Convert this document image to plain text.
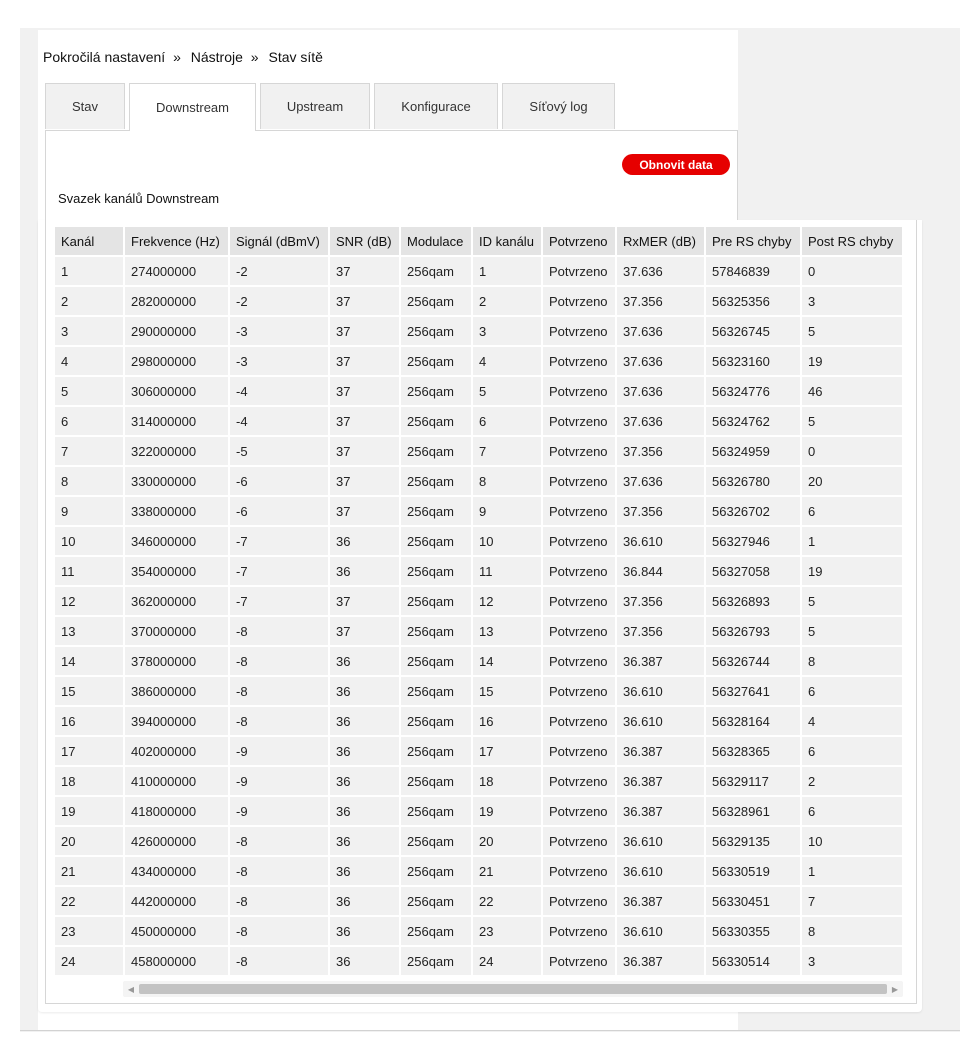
Pokročilá nastavení » Nástroje » Stav sítě
Stav	Downstream	Upstream	Konfigurace	Síťový log
Obnovit data
Svazek kanálů Downstream
Kanál	Frekvence (Hz)	Signál (dBmV)	SNR (dB)	Modulace	ID kanálu	Potvrzeno	RxMER (dB)	Pre RS chyby	Post RS chyby
1	274000000	-2	37	256qam	1	Potvrzeno	37.636	57846839	0
2	282000000	-2	37	256qam	2	Potvrzeno	37.356	56325356	3
3	290000000	-3	37	256qam	3	Potvrzeno	37.636	56326745	5
4	298000000	-3	37	256qam	4	Potvrzeno	37.636	56323160	19
5	306000000	-4	37	256qam	5	Potvrzeno	37.636	56324776	46
6	314000000	-4	37	256qam	6	Potvrzeno	37.636	56324762	5
7	322000000	-5	37	256qam	7	Potvrzeno	37.356	56324959	0
8	330000000	-6	37	256qam	8	Potvrzeno	37.636	56326780	20
9	338000000	-6	37	256qam	9	Potvrzeno	37.356	56326702	6
10	346000000	-7	36	256qam	10	Potvrzeno	36.610	56327946	1
11	354000000	-7	36	256qam	11	Potvrzeno	36.844	56327058	19
12	362000000	-7	37	256qam	12	Potvrzeno	37.356	56326893	5
13	370000000	-8	37	256qam	13	Potvrzeno	37.356	56326793	5
14	378000000	-8	36	256qam	14	Potvrzeno	36.387	56326744	8
15	386000000	-8	36	256qam	15	Potvrzeno	36.610	56327641	6
16	394000000	-8	36	256qam	16	Potvrzeno	36.610	56328164	4
17	402000000	-9	36	256qam	17	Potvrzeno	36.387	56328365	6
18	410000000	-9	36	256qam	18	Potvrzeno	36.387	56329117	2
19	418000000	-9	36	256qam	19	Potvrzeno	36.387	56328961	6
20	426000000	-8	36	256qam	20	Potvrzeno	36.610	56329135	10
21	434000000	-8	36	256qam	21	Potvrzeno	36.610	56330519	1
22	442000000	-8	36	256qam	22	Potvrzeno	36.387	56330451	7
23	450000000	-8	36	256qam	23	Potvrzeno	36.610	56330355	8
24	458000000	-8	36	256qam	24	Potvrzeno	36.387	56330514	3
◀	▶
